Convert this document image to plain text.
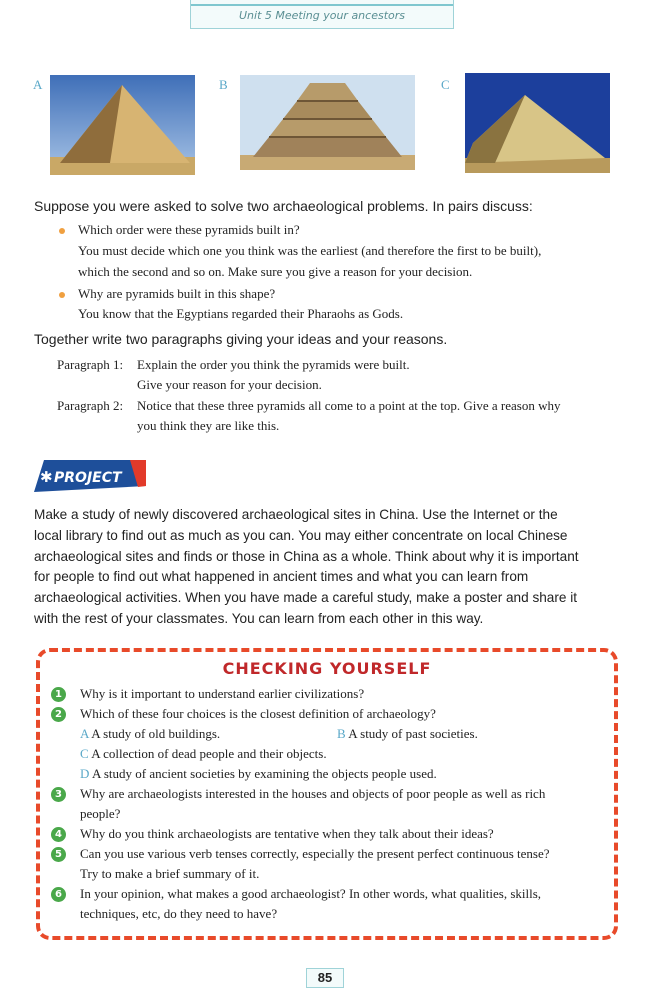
Unit 5 Meeting your ancestors
A	B	C
Suppose you were asked to solve two archaeological problems. In pairs discuss:
Which order were these pyramids built in?
You must decide which one you think was the earliest (and therefore the first to be built),
which the second and so on. Make sure you give a reason for your decision.
Why are pyramids built in this shape?
You know that the Egyptians regarded their Pharaohs as Gods.
Together write two paragraphs giving your ideas and your reasons.
Paragraph 1: Explain the order you think the pyramids were built.
Give your reason for your decision.
Paragraph 2: Notice that these three pyramids all come to a point at the top. Give a reason why
you think they are like this.
✱ PROJECT
Make a study of newly discovered archaeological sites in China. Use the Internet or the
local library to find out as much as you can. You may either concentrate on local Chinese
archaeological sites and finds or those in China as a whole. Think about why it is important
for people to find out what happened in ancient times and what you can learn from
archaeological activities. When you have made a careful study, make a poster and share it
with the rest of your classmates. You can learn from each other in this way.
CHECKING YOURSELF
1	Why is it important to understand earlier civilizations?
2	Which of these four choices is the closest definition of archaeology?
A A study of old buildings.	B A study of past societies.
C A collection of dead people and their objects.
D A study of ancient societies by examining the objects people used.
3	Why are archaeologists interested in the houses and objects of poor people as well as rich
people?
4	Why do you think archaeologists are tentative when they talk about their ideas?
5	Can you use various verb tenses correctly, especially the present perfect continuous tense?
Try to make a brief summary of it.
6	In your opinion, what makes a good archaeologist? In other words, what qualities, skills,
techniques, etc, do they need to have?
85
